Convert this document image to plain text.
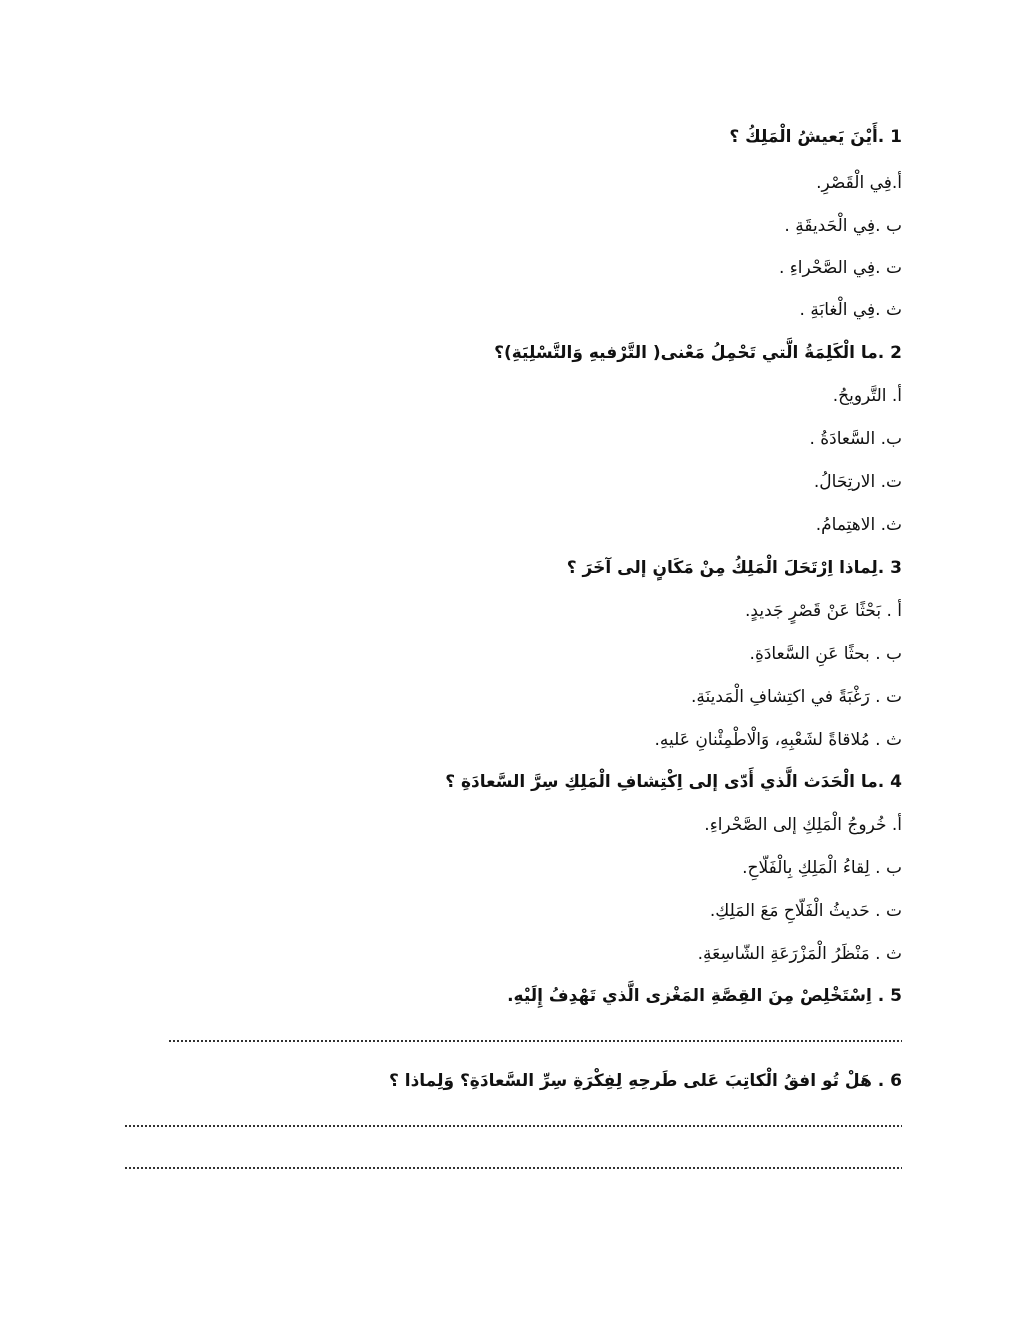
1 .أَيْنَ يَعيشُ الْمَلِكُ ؟
أ.فِي الْقَصْرِ.
ب .فِي الْحَديقَةِ .
ت .فِي الصَّحْراءِ .
ث .فِي الْغابَةِ .
2 .ما الْكَلِمَةُ الَّتي تَحْمِلُ مَعْنى( التَّرْفيهِ وَالتَّسْلِيَةِ)؟
أ. التَّرويحُ.
ب. السَّعادَةُ .
ت. الارتِحَالُ.
ث. الاهتِمامُ.
3 .لِماذا اِرْتَحَلَ الْمَلِكُ مِنْ مَكَانٍ إلى آخَرَ ؟
أ . بَحْثًا عَنْ قَصْرٍ جَديدٍ.
ب . بحثًا عَنِ السَّعادَةِ.
ت . رَغْبَةً في اكتِشافِ الْمَدينَةِ.
ث . مُلاقاةً لشَعْبِهِ، وَالْاطْمِئْنانِ عَليهِ.
4 .ما الْحَدَث الَّذي أَدّى إلى اِكْتِشافِ الْمَلِكِ سِرَّ السَّعادَةِ ؟
أ. خُروجُ الْمَلِكِ إلى الصَّحْراءِ.
ب . لِقاءُ الْمَلِكِ بِالْفَلّاحِ.
ت . حَديثُ الْفَلّاحِ مَعَ المَلِكِ.
ث . مَنْظَرُ الْمَزْرَعَةِ الشّاسِعَةِ.
5 . اِسْتَخْلِصْ مِنَ القِصَّةِ المَغْزى الَّذي تَهْدِفُ إِلَيْهِ.
6 . هَلْ تُو افقُ الْكاتِبَ عَلى طَرحِهِ لِفِكْرَةِ سِرِّ السَّعادَةِ؟ وَلِماذا ؟
